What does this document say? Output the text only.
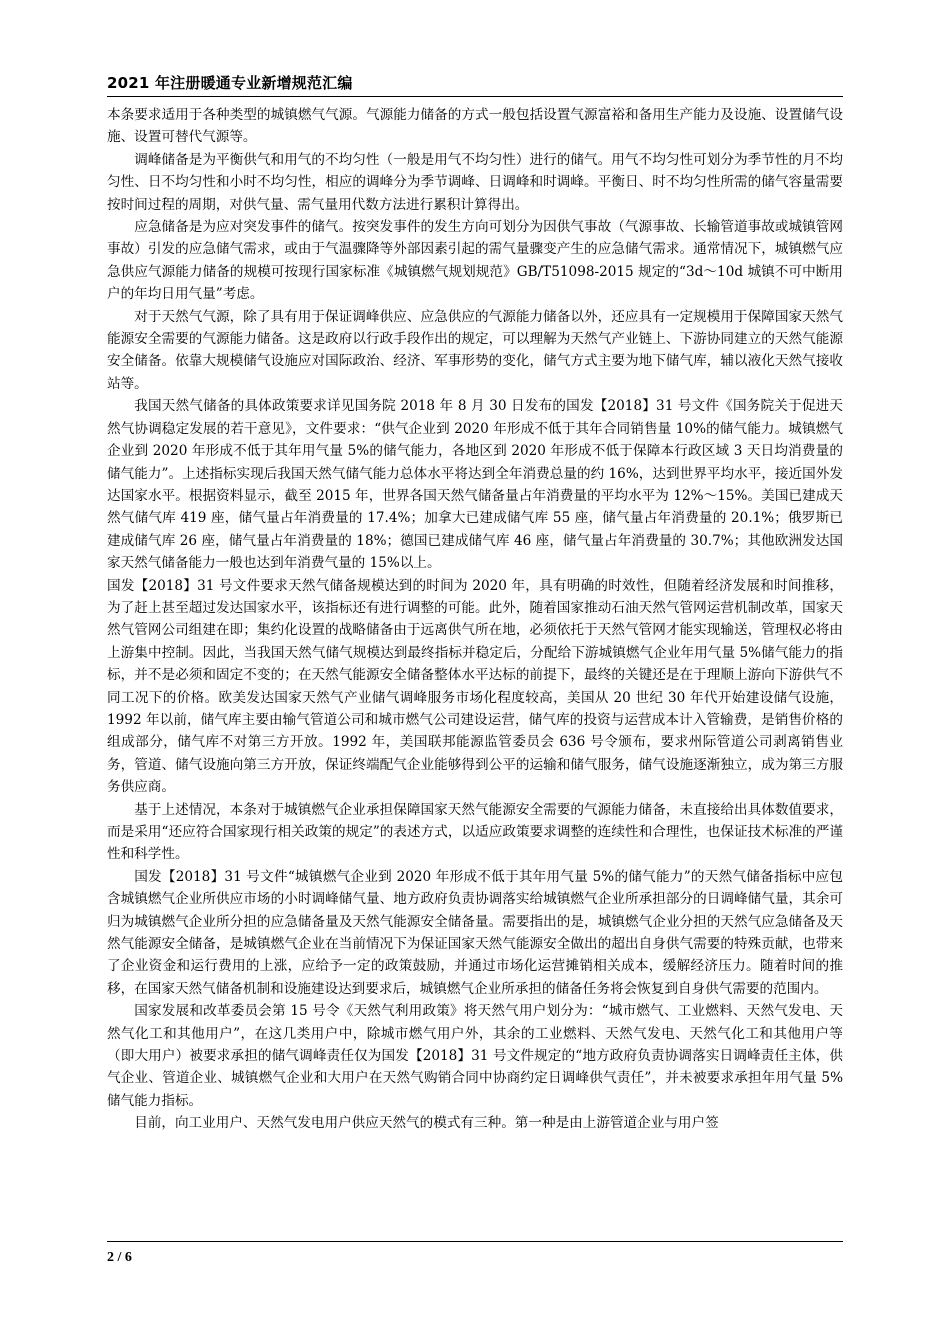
2021 年注册暖通专业新增规范汇编

本条要求适用于各种类型的城镇燃气气源。气源能力储备的方式一般包括设置气源富裕和备用生产能力及设施、设置储气设施、设置可替代气源等。

调峰储备是为平衡供气和用气的不均匀性（一般是用气不均匀性）进行的储气。用气不均匀性可划分为季节性的月不均匀性、日不均匀性和小时不均匀性，相应的调峰分为季节调峰、日调峰和时调峰。平衡日、时不均匀性所需的储气容量需要按时间过程的周期，对供气量、需气量用代数方法进行累积计算得出。

应急储备是为应对突发事件的储气。按突发事件的发生方向可划分为因供气事故（气源事故、长输管道事故或城镇管网事故）引发的应急储气需求，或由于气温骤降等外部因素引起的需气量骤变产生的应急储气需求。通常情况下，城镇燃气应急供应气源能力储备的规模可按现行国家标准《城镇燃气规划规范》GB/T51098-2015 规定的“3d～10d 城镇不可中断用户的年均日用气量”考虑。

对于天然气气源，除了具有用于保证调峰供应、应急供应的气源能力储备以外，还应具有一定规模用于保障国家天然气能源安全需要的气源能力储备。这是政府以行政手段作出的规定，可以理解为天然气产业链上、下游协同建立的天然气能源安全储备。依靠大规模储气设施应对国际政治、经济、军事形势的变化，储气方式主要为地下储气库，辅以液化天然气接收站等。

我国天然气储备的具体政策要求详见国务院 2018 年 8 月 30 日发布的国发【2018】31 号文件《国务院关于促进天然气协调稳定发展的若干意见》，文件要求：“供气企业到 2020 年形成不低于其年合同销售量 10%的储气能力。城镇燃气企业到 2020 年形成不低于其年用气量 5%的储气能力，各地区到 2020 年形成不低于保障本行政区域 3 天日均消费量的储气能力”。上述指标实现后我国天然气储气能力总体水平将达到全年消费总量的约 16%，达到世界平均水平，接近国外发达国家水平。根据资料显示，截至 2015 年，世界各国天然气储备量占年消费量的平均水平为 12%～15%。美国已建成天然气储气库 419 座，储气量占年消费量的 17.4%；加拿大已建成储气库 55 座，储气量占年消费量的 20.1%；俄罗斯已建成储气库 26 座，储气量占年消费量的 18%；德国已建成储气库 46 座，储气量占年消费量的 30.7%；其他欧洲发达国家天然气储备能力一般也达到年消费气量的 15%以上。

国发【2018】31 号文件要求天然气储备规模达到的时间为 2020 年，具有明确的时效性，但随着经济发展和时间推移，为了赶上甚至超过发达国家水平，该指标还有进行调整的可能。此外，随着国家推动石油天然气管网运营机制改革，国家天然气管网公司组建在即；集约化设置的战略储备由于远离供气所在地，必须依托于天然气管网才能实现输送，管理权必将由上游集中控制。因此，当我国天然气储气规模达到最终指标并稳定后，分配给下游城镇燃气企业年用气量 5%储气能力的指标，并不是必须和固定不变的；在天然气能源安全储备整体水平达标的前提下，最终的关键还是在于理顺上游向下游供气不同工况下的价格。欧美发达国家天然气产业储气调峰服务市场化程度较高，美国从 20 世纪 30 年代开始建设储气设施，1992 年以前，储气库主要由输气管道公司和城市燃气公司建设运营，储气库的投资与运营成本计入管输费，是销售价格的组成部分，储气库不对第三方开放。1992 年，美国联邦能源监管委员会 636 号令颁布，要求州际管道公司剥离销售业务，管道、储气设施向第三方开放，保证终端配气企业能够得到公平的运输和储气服务，储气设施逐渐独立，成为第三方服务供应商。

基于上述情况，本条对于城镇燃气企业承担保障国家天然气能源安全需要的气源能力储备，未直接给出具体数值要求，而是采用“还应符合国家现行相关政策的规定”的表述方式，以适应政策要求调整的连续性和合理性，也保证技术标准的严谨性和科学性。

国发【2018】31 号文件“城镇燃气企业到 2020 年形成不低于其年用气量 5%的储气能力”的天然气储备指标中应包含城镇燃气企业所供应市场的小时调峰储气量、地方政府负责协调落实给城镇燃气企业所承担部分的日调峰储气量，其余可归为城镇燃气企业所分担的应急储备量及天然气能源安全储备量。需要指出的是，城镇燃气企业分担的天然气应急储备及天然气能源安全储备，是城镇燃气企业在当前情况下为保证国家天然气能源安全做出的超出自身供气需要的特殊贡献，也带来了企业资金和运行费用的上涨，应给予一定的政策鼓励，并通过市场化运营摊销相关成本，缓解经济压力。随着时间的推移，在国家天然气储备机制和设施建设达到要求后，城镇燃气企业所承担的储备任务将会恢复到自身供气需要的范围内。

国家发展和改革委员会第 15 号令《天然气利用政策》将天然气用户划分为：“城市燃气、工业燃料、天然气发电、天然气化工和其他用户”，在这几类用户中，除城市燃气用户外，其余的工业燃料、天然气发电、天然气化工和其他用户等（即大用户）被要求承担的储气调峰责任仅为国发【2018】31 号文件规定的“地方政府负责协调落实日调峰责任主体，供气企业、管道企业、城镇燃气企业和大用户在天然气购销合同中协商约定日调峰供气责任”，并未被要求承担年用气量 5%储气能力指标。

目前，向工业用户、天然气发电用户供应天然气的模式有三种。第一种是由上游管道企业与用户签

2 / 6
